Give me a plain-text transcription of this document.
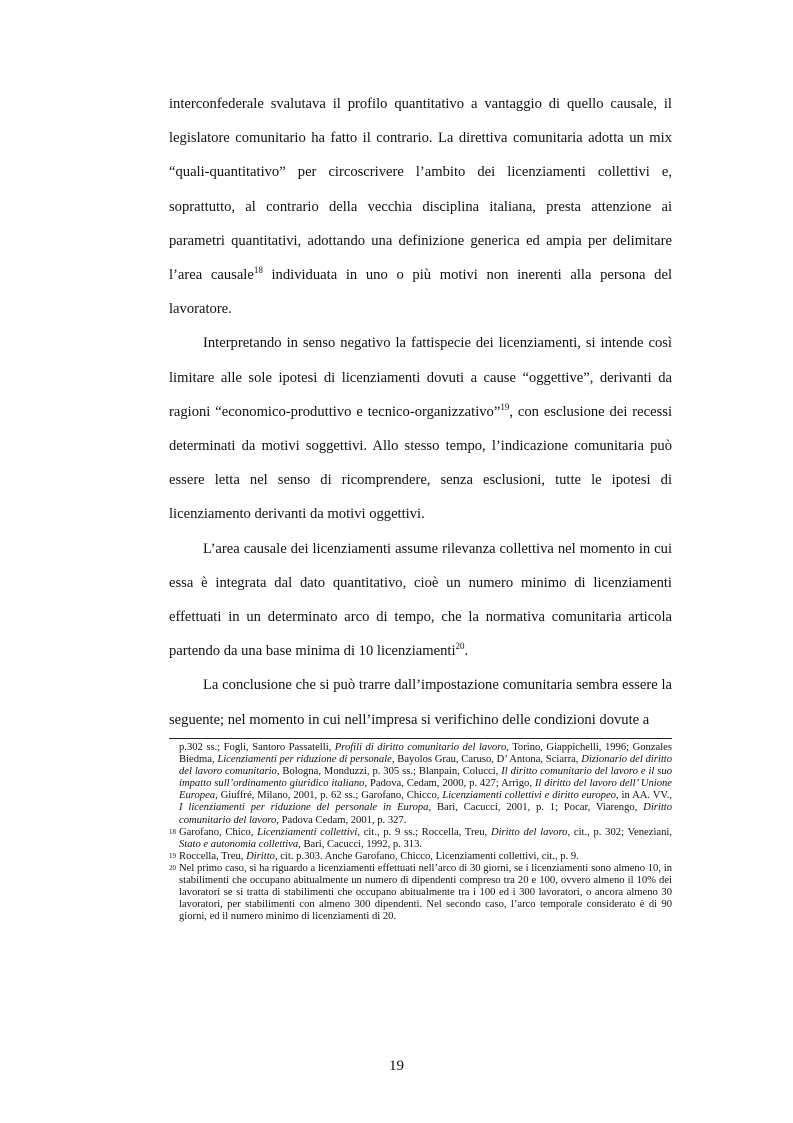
interconfederale svalutava il profilo quantitativo a vantaggio di quello causale, il legislatore comunitario ha fatto il contrario. La direttiva comunitaria adotta un mix “quali-quantitativo” per circoscrivere l’ambito dei licenziamenti collettivi e, soprattutto, al contrario della vecchia disciplina italiana, presta attenzione ai parametri quantitativi, adottando una definizione generica ed ampia per delimitare l’area causale$^{18}$ individuata in uno o più motivi non inerenti alla persona del lavoratore.

Interpretando in senso negativo la fattispecie dei licenziamenti, si intende così limitare alle sole ipotesi di licenziamenti dovuti a cause “oggettive”, derivanti da ragioni “economico-produttivo e tecnico-organizzativo”$^{19}$, con esclusione dei recessi determinati da motivi soggettivi. Allo stesso tempo, l’indicazione comunitaria può essere letta nel senso di ricomprendere, senza esclusioni, tutte le ipotesi di licenziamento derivanti da motivi oggettivi.

L’area causale dei licenziamenti assume rilevanza collettiva nel momento in cui essa è integrata dal dato quantitativo, cioè un numero minimo di licenziamenti effettuati in un determinato arco di tempo, che la normativa comunitaria articola partendo da una base minima di 10 licenziamenti$^{20}$.

La conclusione che si può trarre dall’impostazione comunitaria sembra essere la seguente; nel momento in cui nell’impresa si verifichino delle condizioni dovute a

p.302 ss.; Fogli, Santoro Passatelli, Profili di diritto comunitario del lavoro, Torino, Giappichelli, 1996; Gonzales Biedma, Licenziamenti per riduzione di personale, Bayolos Grau, Caruso, D’ Antona, Sciarra, Dizionario del diritto del lavoro comunitario, Bologna, Monduzzi, p. 305 ss.; Blanpain, Colucci, Il diritto comunitario del lavoro e il suo impatto sull’ordinamento giuridico italiano, Padova, Cedam, 2000, p. 427; Arrigo, Il diritto del lavoro dell’ Unione Europea, Giuffré, Milano, 2001, p. 62 ss.; Garofano, Chicco, Licenziamenti collettivi e diritto europeo, in AA. VV., I licenziamenti per riduzione del personale in Europa, Bari, Cacucci, 2001, p. 1; Pocar, Viarengo, Diritto comunitario del lavoro, Padova Cedam, 2001, p. 327.

18 Garofano, Chico, Licenziamenti collettivi, cit., p. 9 ss.; Roccella, Treu, Diritto del lavoro, cit., p. 302; Veneziani, Stato e autonomia collettiva, Bari, Cacucci, 1992, p. 313.

19 Roccella, Treu, Diritto, cit. p.303. Anche Garofano, Chicco, Licenziamenti collettivi, cit., p. 9.

20 Nel primo caso, si ha riguardo a licenziamenti effettuati nell’arco di 30 giorni, se i licenziamenti sono almeno 10, in stabilimenti che occupano abitualmente un numero di dipendenti compreso tra 20 e 100, ovvero almeno il 10% dei lavoratori se si tratta di stabilimenti che occupano abitualmente tra i 100 ed i 300 lavoratori, o ancora almeno 30 lavoratori, per stabilimenti con almeno 300 dipendenti. Nel secondo caso, l’arco temporale considerato è di 90 giorni, ed il numero minimo di licenziamenti di 20.

19
